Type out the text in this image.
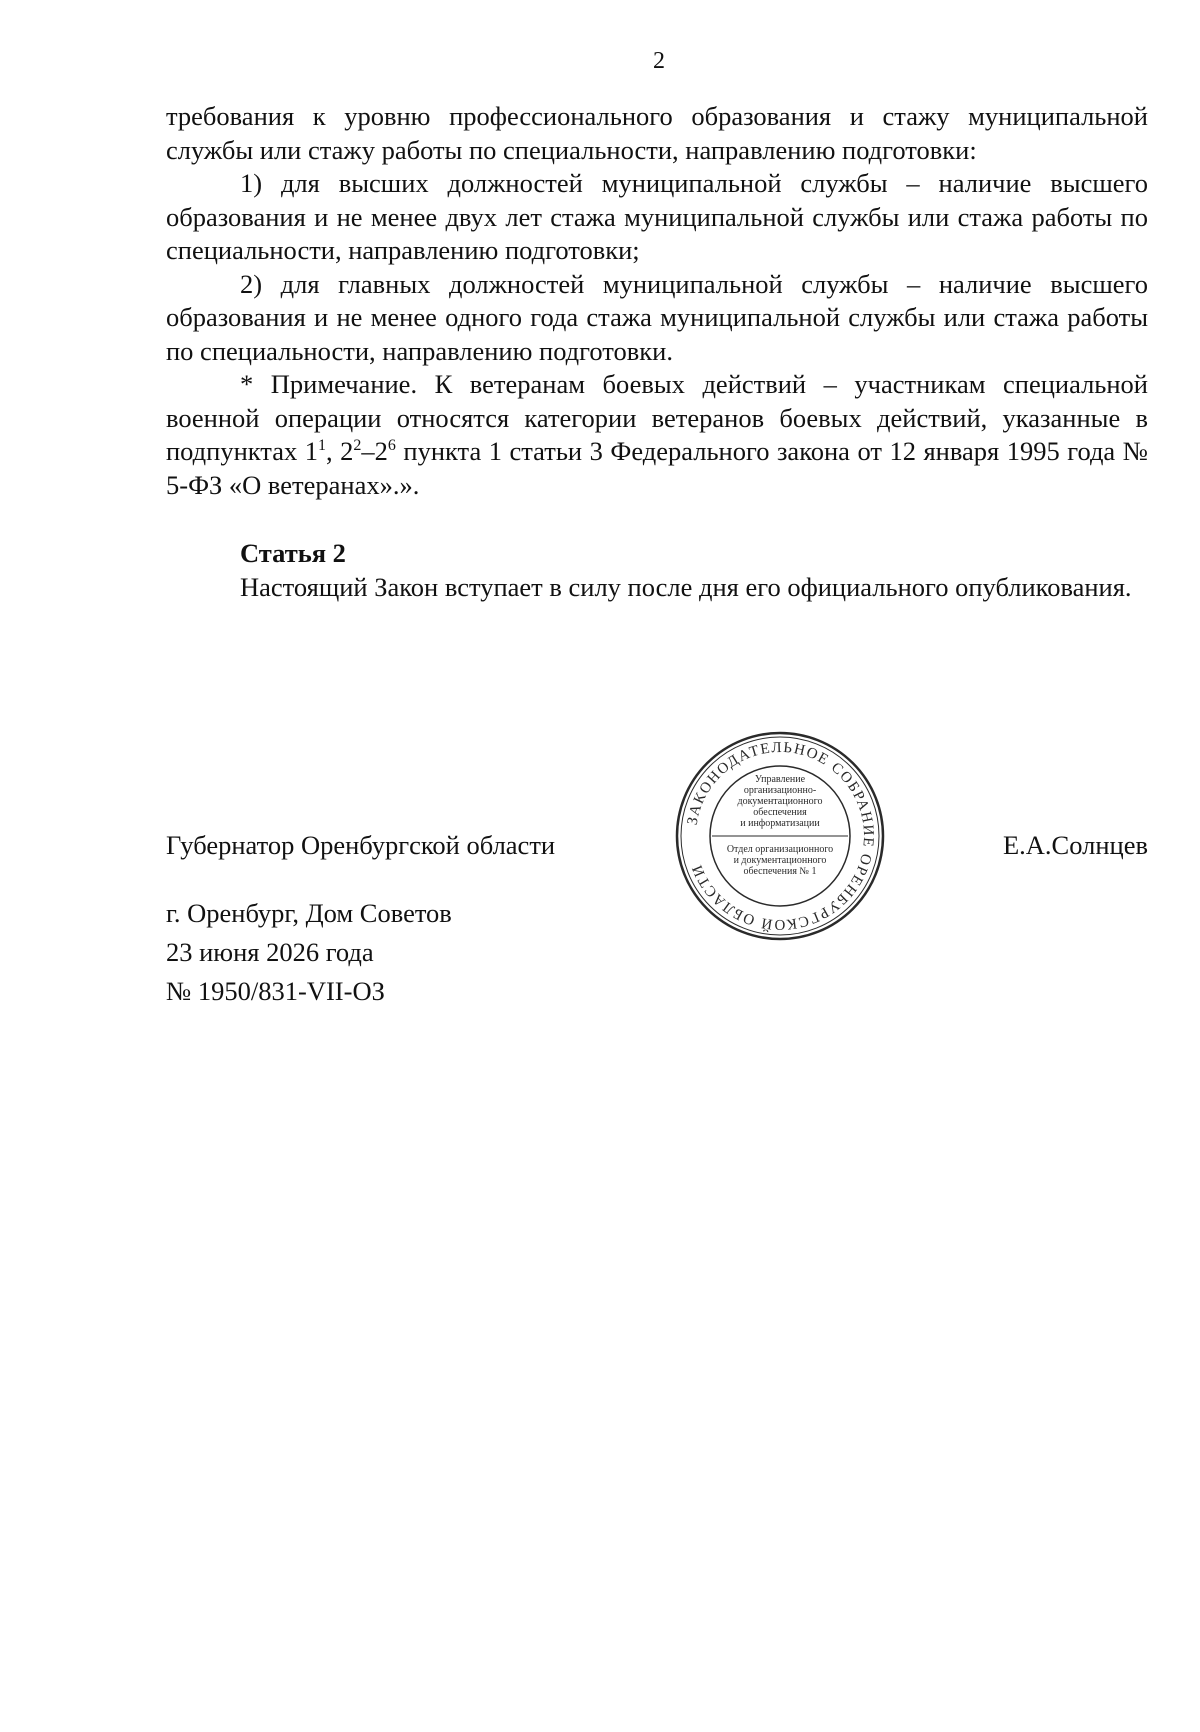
2

требования к уровню профессионального образования и стажу муниципальной службы или стажу работы по специальности, направлению подготовки:

1) для высших должностей муниципальной службы – наличие высшего образования и не менее двух лет стажа муниципальной службы или стажа работы по специальности, направлению подготовки;

2) для главных должностей муниципальной службы – наличие высшего образования и не менее одного года стажа муниципальной службы или стажа работы по специальности, направлению подготовки.

* Примечание. К ветеранам боевых действий – участникам специальной военной операции относятся категории ветеранов боевых действий, указанные в подпунктах $1^1$, $2^2-2^6$ пункта 1 статьи 3 Федерального закона от 12 января 1995 года № 5-ФЗ «О ветеранах».».

Статья 2

Настоящий Закон вступает в силу после дня его официального опубликования.

Губернатор Оренбургской области	Е.А.Солнцев
г. Оренбург, Дом Советов
23 июня 2026 года
№ 1950/831-VII-ОЗ
ЗАКОНОДАТЕЛЬНОЕ СОБРАНИЕ ОРЕНБУРГСКОЙ ОБЛАСТИ
Управление
организационно-
документационного
обеспечения
и информатизации
Отдел организационного
и документационного
обеспечения № 1
